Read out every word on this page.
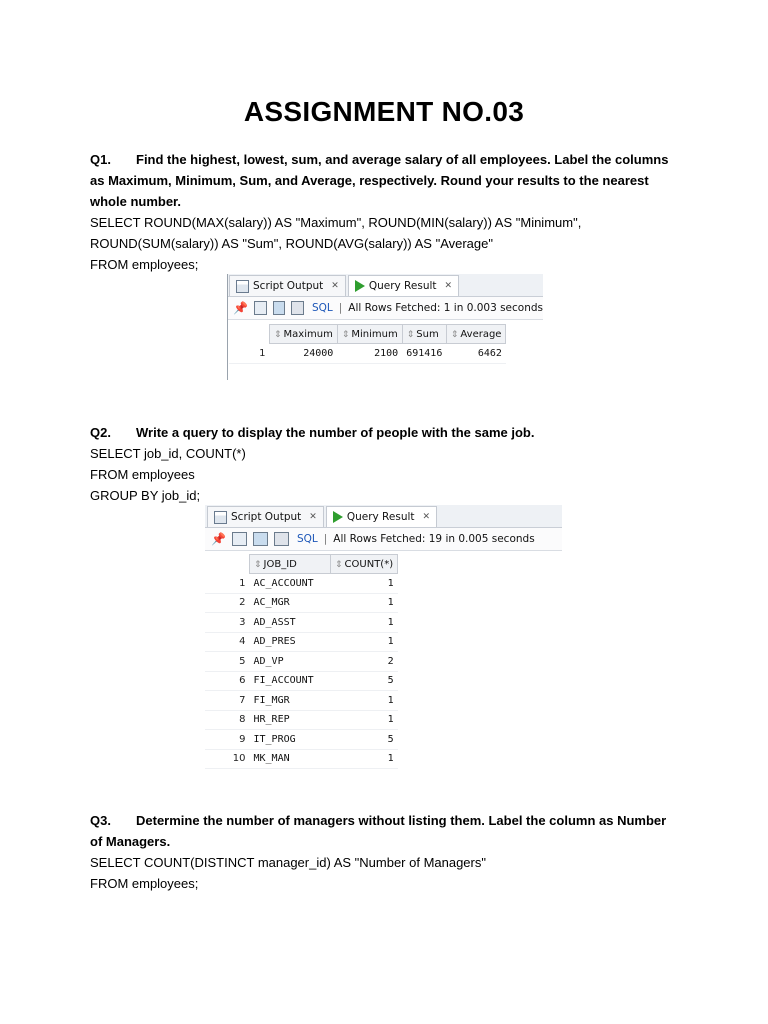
ASSIGNMENT NO.03
Q1. Find the highest, lowest, sum, and average salary of all employees. Label the columns as Maximum, Minimum, Sum, and Average, respectively. Round your results to the nearest whole number.
SELECT ROUND(MAX(salary)) AS "Maximum", ROUND(MIN(salary)) AS "Minimum",
ROUND(SUM(salary)) AS "Sum", ROUND(AVG(salary)) AS "Average"
FROM employees;
Script Output ✕	Query Result ✕
📌	SQL | All Rows Fetched: 1 in 0.003 seconds
	⇕ Maximum	⇕ Minimum	⇕ Sum	⇕ Average
1	24000	2100	691416	6462
Q2. Write a query to display the number of people with the same job.
SELECT job_id, COUNT(*)
FROM employees
GROUP BY job_id;
Script Output ✕	Query Result ✕
📌	SQL | All Rows Fetched: 19 in 0.005 seconds
	⇕ JOB_ID	⇕ COUNT(*)
1	AC_ACCOUNT	1
2	AC_MGR	1
3	AD_ASST	1
4	AD_PRES	1
5	AD_VP	2
6	FI_ACCOUNT	5
7	FI_MGR	1
8	HR_REP	1
9	IT_PROG	5
10	MK_MAN	1
Q3. Determine the number of managers without listing them. Label the column as Number of Managers.
SELECT COUNT(DISTINCT manager_id) AS "Number of Managers"
FROM employees;
